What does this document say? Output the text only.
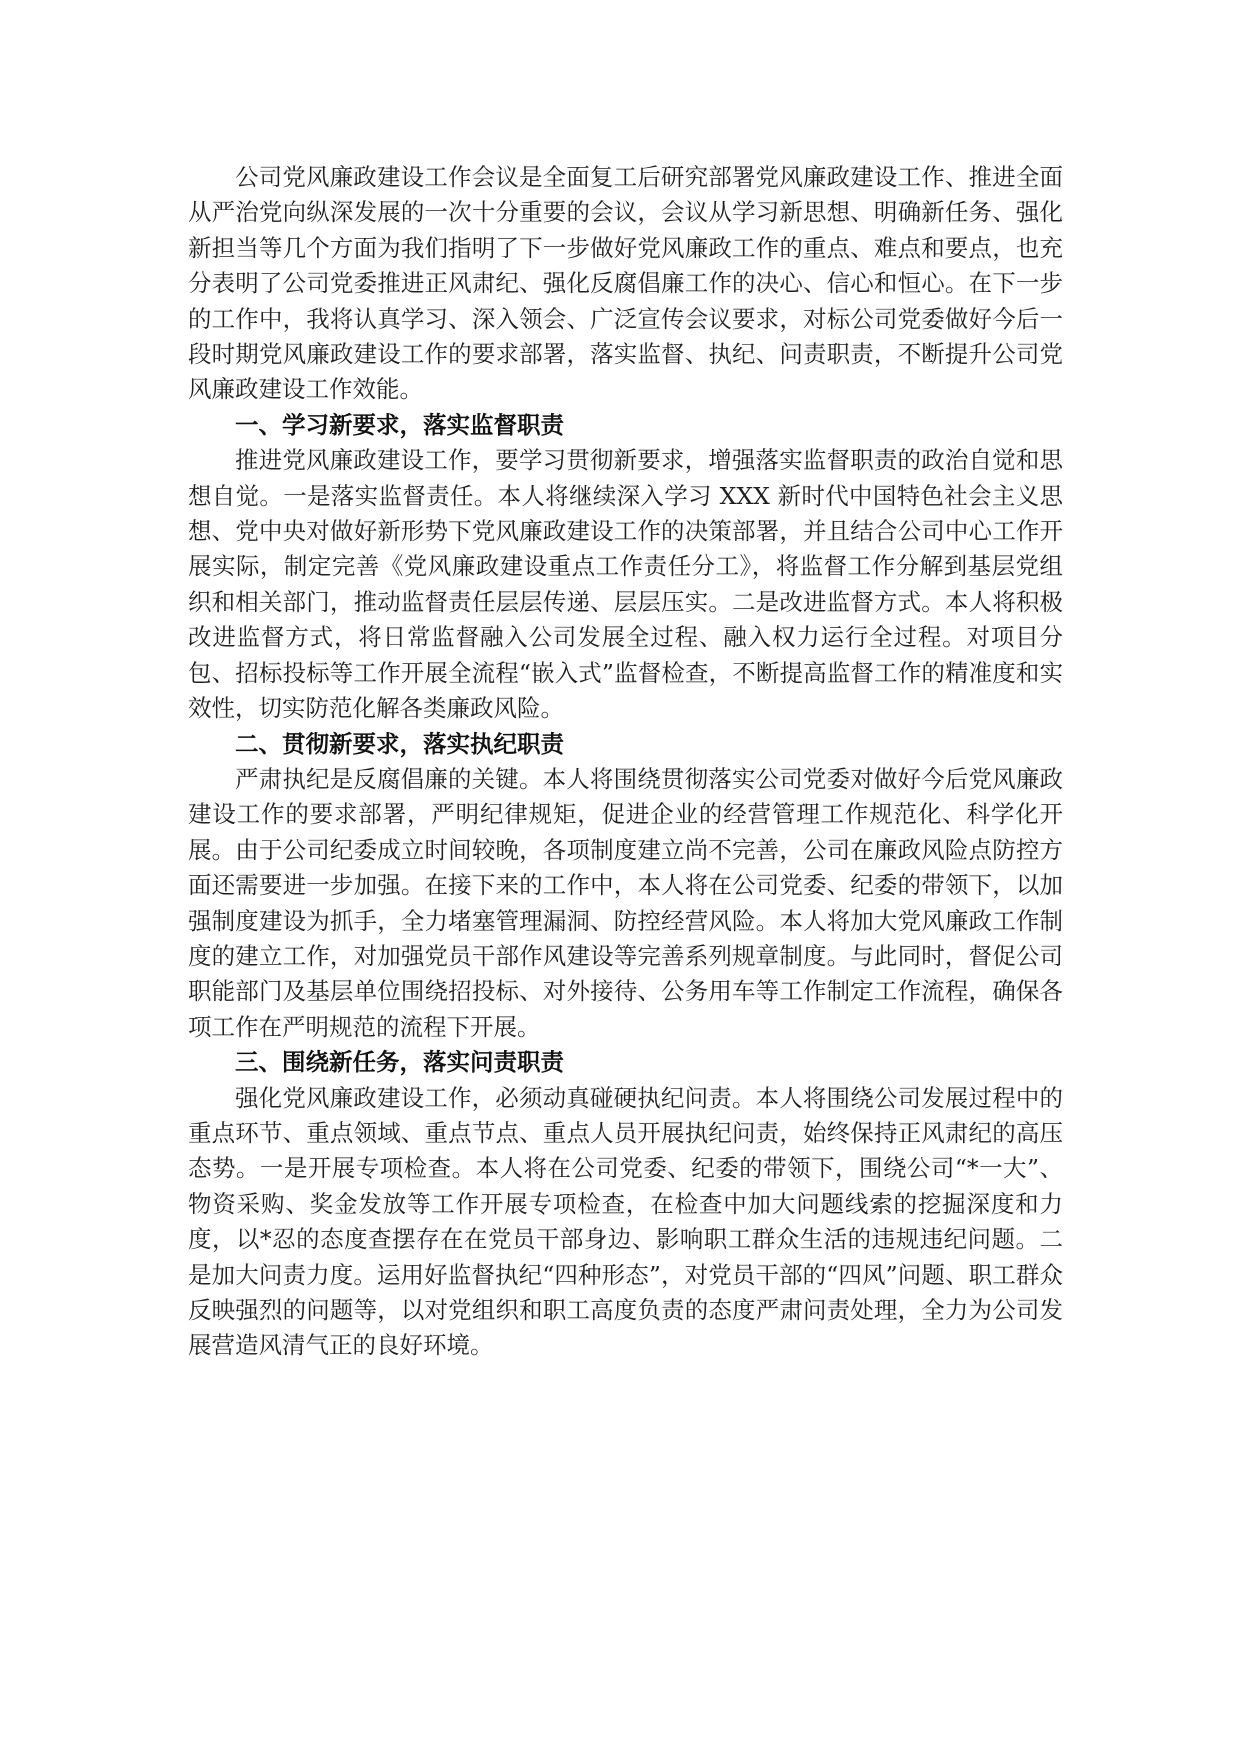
公司党风廉政建设工作会议是全面复工后研究部署党风廉政建设工作、推进全面从严治党向纵深发展的一次十分重要的会议，会议从学习新思想、明确新任务、强化新担当等几个方面为我们指明了下一步做好党风廉政工作的重点、难点和要点，也充分表明了公司党委推进正风肃纪、强化反腐倡廉工作的决心、信心和恒心。在下一步的工作中，我将认真学习、深入领会、广泛宣传会议要求，对标公司党委做好今后一段时期党风廉政建设工作的要求部署，落实监督、执纪、问责职责，不断提升公司党风廉政建设工作效能。

一、学习新要求，落实监督职责

推进党风廉政建设工作，要学习贯彻新要求，增强落实监督职责的政治自觉和思想自觉。一是落实监督责任。本人将继续深入学习 XXX 新时代中国特色社会主义思想、党中央对做好新形势下党风廉政建设工作的决策部署，并且结合公司中心工作开展实际，制定完善《党风廉政建设重点工作责任分工》，将监督工作分解到基层党组织和相关部门，推动监督责任层层传递、层层压实。二是改进监督方式。本人将积极改进监督方式，将日常监督融入公司发展全过程、融入权力运行全过程。对项目分包、招标投标等工作开展全流程“嵌入式”监督检查，不断提高监督工作的精准度和实效性，切实防范化解各类廉政风险。

二、贯彻新要求，落实执纪职责

严肃执纪是反腐倡廉的关键。本人将围绕贯彻落实公司党委对做好今后党风廉政建设工作的要求部署，严明纪律规矩，促进企业的经营管理工作规范化、科学化开展。由于公司纪委成立时间较晚，各项制度建立尚不完善，公司在廉政风险点防控方面还需要进一步加强。在接下来的工作中，本人将在公司党委、纪委的带领下，以加强制度建设为抓手，全力堵塞管理漏洞、防控经营风险。本人将加大党风廉政工作制度的建立工作，对加强党员干部作风建设等完善系列规章制度。与此同时，督促公司职能部门及基层单位围绕招投标、对外接待、公务用车等工作制定工作流程，确保各项工作在严明规范的流程下开展。

三、围绕新任务，落实问责职责

强化党风廉政建设工作，必须动真碰硬执纪问责。本人将围绕公司发展过程中的重点环节、重点领域、重点节点、重点人员开展执纪问责，始终保持正风肃纪的高压态势。一是开展专项检查。本人将在公司党委、纪委的带领下，围绕公司“*一大”、物资采购、奖金发放等工作开展专项检查，在检查中加大问题线索的挖掘深度和力度，以*忍的态度查摆存在在党员干部身边、影响职工群众生活的违规违纪问题。二是加大问责力度。运用好监督执纪“四种形态”，对党员干部的“四风”问题、职工群众反映强烈的问题等，以对党组织和职工高度负责的态度严肃问责处理，全力为公司发展营造风清气正的良好环境。
